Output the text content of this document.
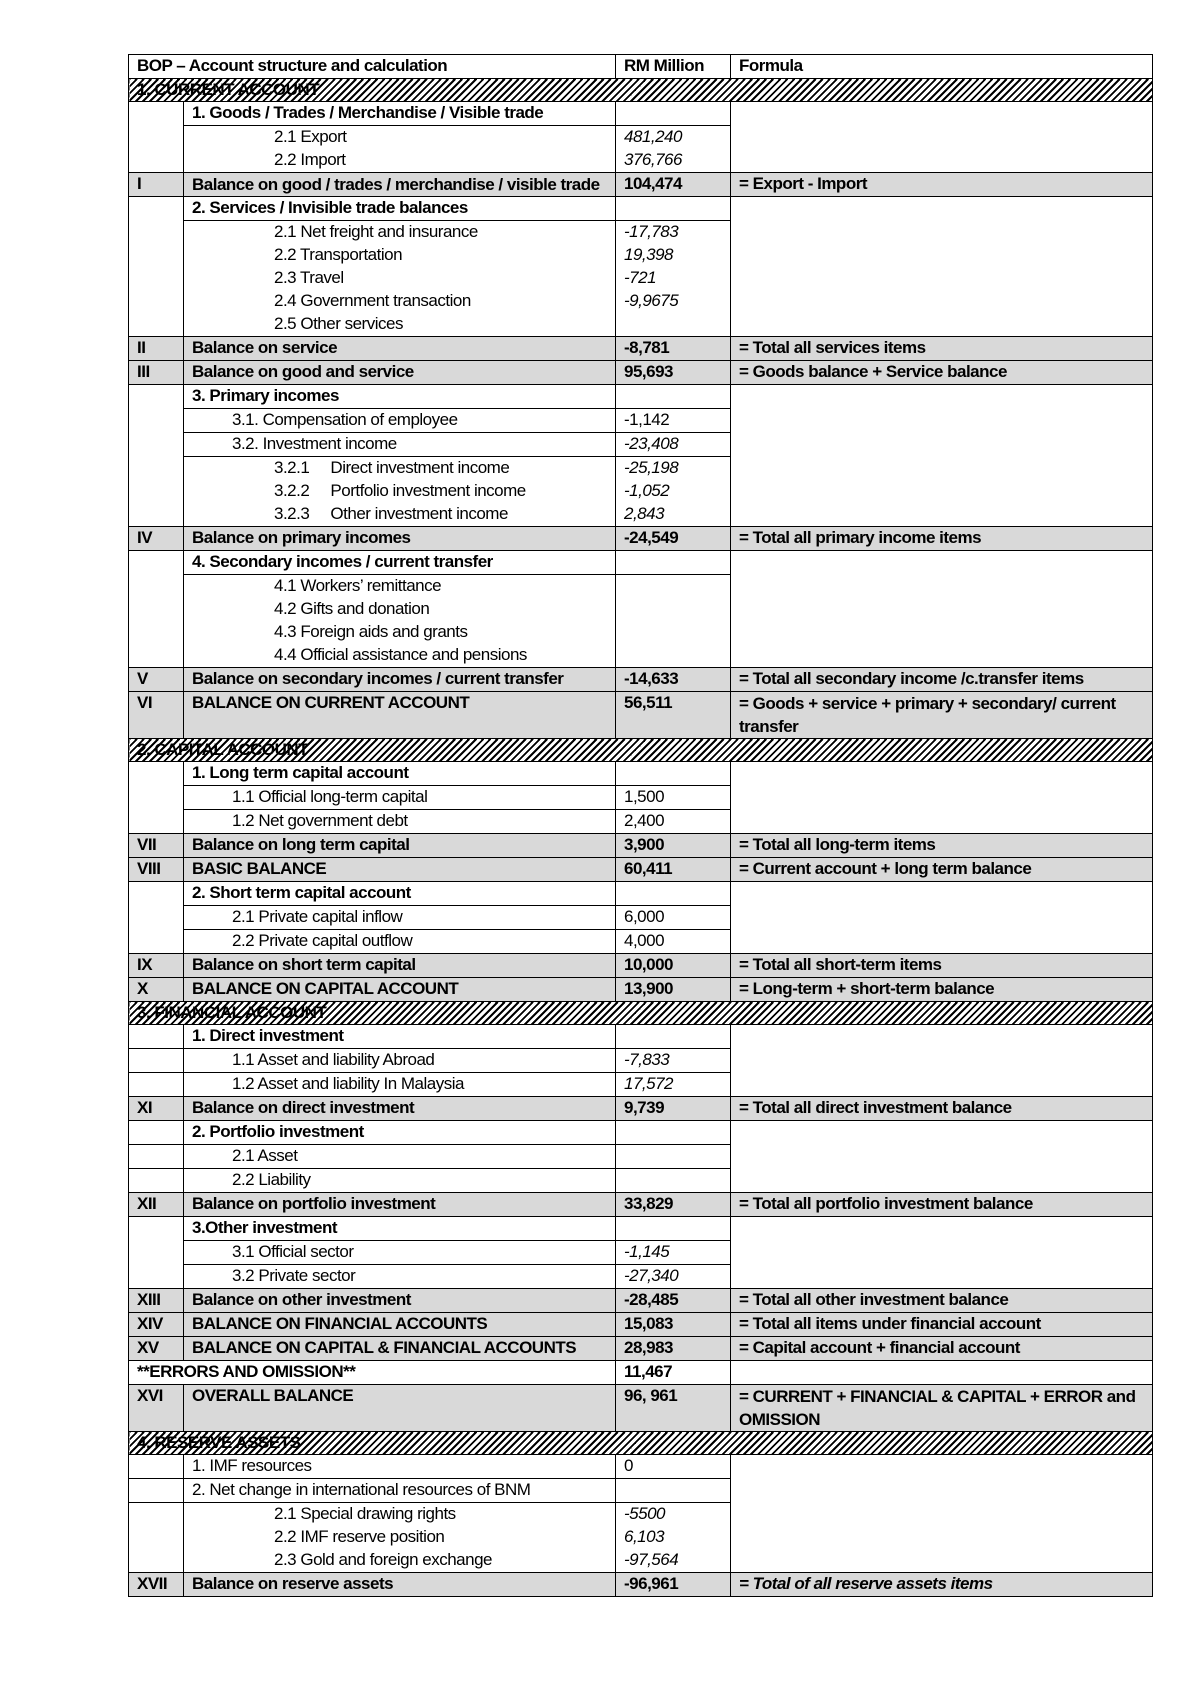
BOP – Account structure and calculation		RM Million	Formula
1. CURRENT ACCOUNT			
	1. Goods / Trades / Merchandise / Visible trade		
	2.1 Export	481,240	
	2.2 Import	376,766	
I	Balance on good / trades / merchandise / visible trade	104,474	= Export - Import
	2. Services / Invisible trade balances		
	2.1 Net freight and insurance	-17,783	
	2.2 Transportation	19,398	
	2.3 Travel	-721	
	2.4 Government transaction	-9,9675	
	2.5 Other services		
II	Balance on service	-8,781	= Total all services items
III	Balance on good and service	95,693	= Goods balance + Service balance
	3. Primary incomes		
	3.1. Compensation of employee	-1,142	
	3.2. Investment income	-23,408	
	3.2.1     Direct investment income	-25,198	
	3.2.2     Portfolio investment income	-1,052	
	3.2.3     Other investment income	2,843	
IV	Balance on primary incomes	-24,549	= Total all primary income items
	4. Secondary incomes / current transfer		
	4.1 Workers’ remittance		
	4.2 Gifts and donation		
	4.3 Foreign aids and grants		
	4.4 Official assistance and pensions		
V	Balance on secondary incomes / current transfer	-14,633	= Total all secondary income /c.transfer items
VI	BALANCE ON CURRENT ACCOUNT	56,511	= Goods + service + primary + secondary/ current transfer
2. CAPITAL ACCOUNT			
	1. Long term capital account		
	1.1 Official long-term capital	1,500	
	1.2 Net government debt	2,400	
VII	Balance on long term capital	3,900	= Total all long-term items
VIII	BASIC BALANCE	60,411	= Current account + long term balance
	2. Short term capital account		
	2.1 Private capital inflow	6,000	
	2.2 Private capital outflow	4,000	
IX	Balance on short term capital	10,000	= Total all short-term items
X	BALANCE ON CAPITAL ACCOUNT	13,900	= Long-term + short-term balance
3. FINANCIAL ACCOUNT			
	1. Direct investment		
	1.1 Asset and liability Abroad	-7,833	
	1.2 Asset and liability In Malaysia	17,572	
XI	Balance on direct investment	9,739	= Total all direct investment balance
	2. Portfolio investment		
	2.1 Asset		
	2.2 Liability		
XII	Balance on portfolio investment	33,829	= Total all portfolio investment balance
	3.Other investment		
	3.1 Official sector	-1,145	
	3.2 Private sector	-27,340	
XIII	Balance on other investment	-28,485	= Total all other investment balance
XIV	BALANCE ON FINANCIAL ACCOUNTS	15,083	= Total all items under financial account
XV	BALANCE ON CAPITAL & FINANCIAL ACCOUNTS	28,983	= Capital account + financial account
**ERRORS AND OMISSION**		11,467	
XVI	OVERALL BALANCE	96, 961	= CURRENT + FINANCIAL & CAPITAL + ERROR and OMISSION
4. RESERVE ASSETS			
	1. IMF resources	0	
	2. Net change in international resources of BNM		
	2.1 Special drawing rights	-5500	
	2.2 IMF reserve position	6,103	
	2.3 Gold and foreign exchange	-97,564	
XVII	Balance on reserve assets	-96,961	= Total of all reserve assets items
